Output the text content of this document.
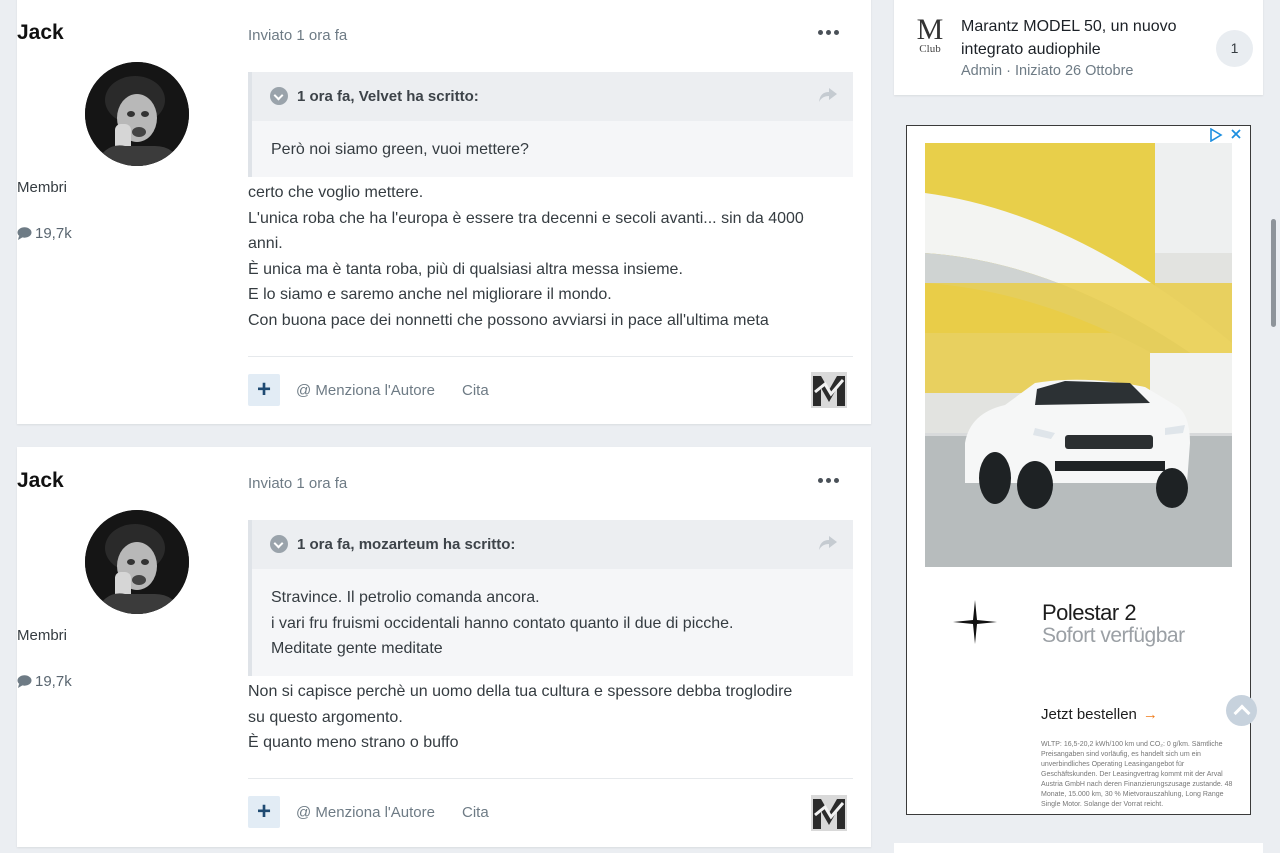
Jack
Membri
19,7k
Inviato 1 ora fa
1 ora fa, Velvet ha scritto:
Però noi siamo green, vuoi mettere?
certo che voglio mettere.
L'unica roba che ha l'europa è essere tra decenni e secoli avanti... sin da 4000
anni.
È unica ma è tanta roba, più di qualsiasi altra messa insieme.
E lo siamo e saremo anche nel migliorare il mondo.
Con buona pace dei nonnetti che possono avviarsi in pace all'ultima meta
+	@ Menziona l'Autore Cita
Jack
Membri
19,7k
Inviato 1 ora fa
1 ora fa, mozarteum ha scritto:
Stravince. Il petrolio comanda ancora.
i vari fru fruismi occidentali hanno contato quanto il due di picche.
Meditate gente meditate
Non si capisce perchè un uomo della tua cultura e spessore debba troglodire
su questo argomento.
È quanto meno strano o buffo
+	@ Menziona l'Autore Cita
M
Club
Marantz MODEL 50, un nuovo integrato audiophile
Admin · Iniziato 26 Ottobre
1
Polestar 2
Sofort verfügbar
Jetzt bestellen →
WLTP: 16,5-20,2 kWh/100 km und CO₂: 0 g/km. Sämtliche Preisangaben sind vorläufig, es handelt sich um ein unverbindliches Operating Leasingangebot für Geschäftskunden. Der Leasingvertrag kommt mit der Arval Austria GmbH nach deren Finanzierungszusage zustande. 48 Monate, 15.000 km, 30 % Mietvorauszahlung, Long Range Single Motor. Solange der Vorrat reicht.
